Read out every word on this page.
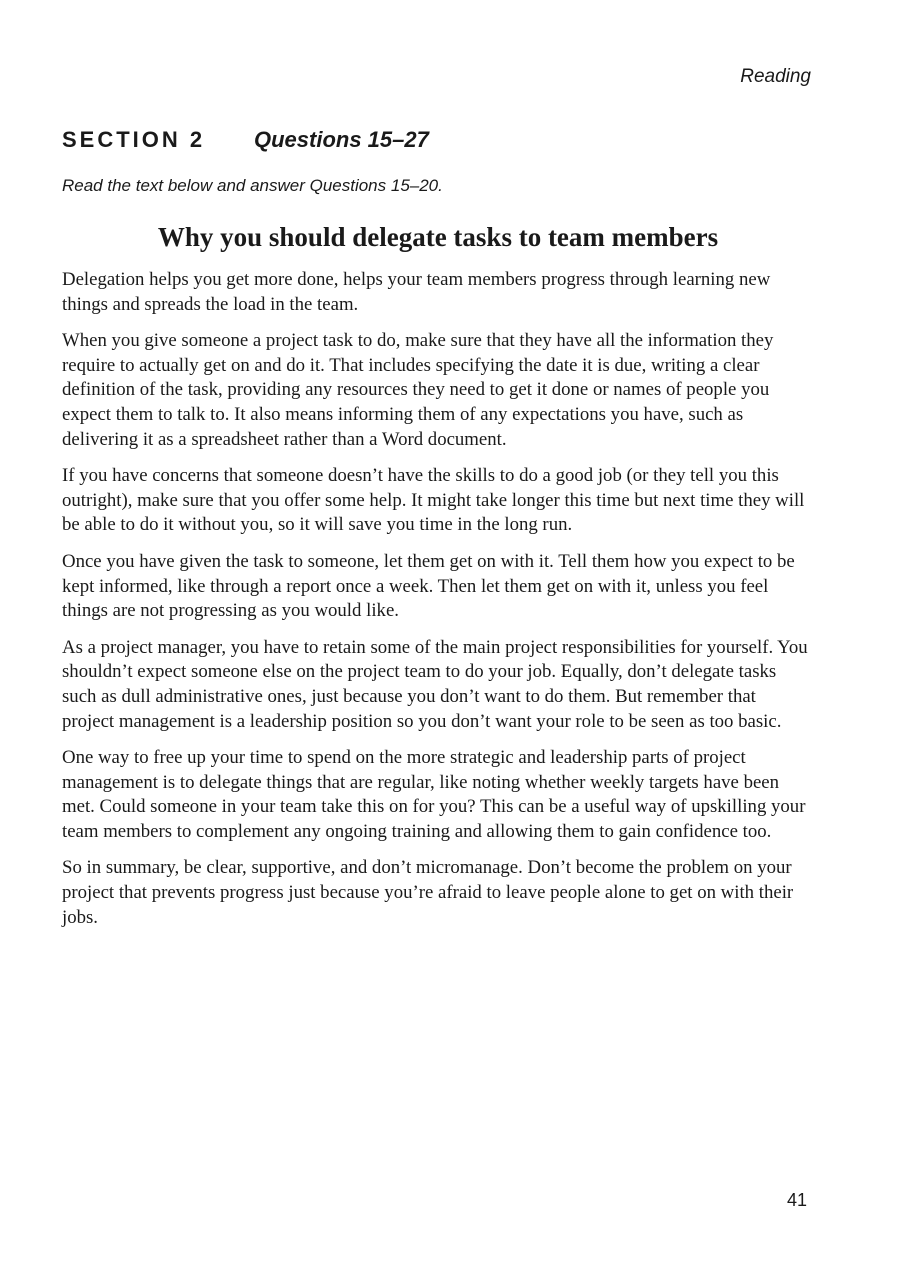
Reading

SECTION 2 Questions 15–27

Read the text below and answer Questions 15–20.

Why you should delegate tasks to team members

Delegation helps you get more done, helps your team members progress through learning new things and spreads the load in the team.

When you give someone a project task to do, make sure that they have all the information they require to actually get on and do it. That includes specifying the date it is due, writing a clear definition of the task, providing any resources they need to get it done or names of people you expect them to talk to. It also means informing them of any expectations you have, such as delivering it as a spreadsheet rather than a Word document.

If you have concerns that someone doesn’t have the skills to do a good job (or they tell you this outright), make sure that you offer some help. It might take longer this time but next time they will be able to do it without you, so it will save you time in the long run.

Once you have given the task to someone, let them get on with it. Tell them how you expect to be kept informed, like through a report once a week. Then let them get on with it, unless you feel things are not progressing as you would like.

As a project manager, you have to retain some of the main project responsibilities for yourself. You shouldn’t expect someone else on the project team to do your job. Equally, don’t delegate tasks such as dull administrative ones, just because you don’t want to do them. But remember that project management is a leadership position so you don’t want your role to be seen as too basic.

One way to free up your time to spend on the more strategic and leadership parts of project management is to delegate things that are regular, like noting whether weekly targets have been met. Could someone in your team take this on for you? This can be a useful way of upskilling your team members to complement any ongoing training and allowing them to gain confidence too.

So in summary, be clear, supportive, and don’t micromanage. Don’t become the problem on your project that prevents progress just because you’re afraid to leave people alone to get on with their jobs.

41
